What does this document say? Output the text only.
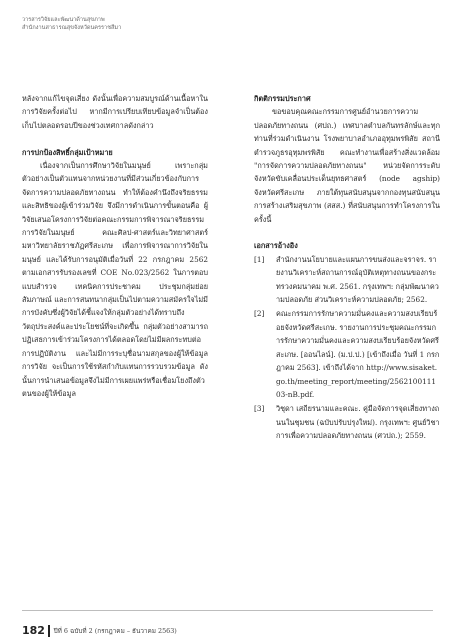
วารสารวิจัยและพัฒนาด้านสุขภาพ
สำนักงานสาธารณสุขจังหวัดนครราชสีมา

หลังจากแก้ไขจุดเสี่ยง ดังนั้นเพื่อความสมบูรณ์ด้านเนื้อหาใน การวิจัยครั้งต่อไป หากมีการเปรียบเทียบข้อมูลจำเป็นต้องเก็บไปตลอดรอบปีของช่วงเทศกาลดังกล่าว

การปกป้องสิทธิ์กลุ่มเป้าหมาย

เนื่องจากเป็นการศึกษาวิจัยในมนุษย์ เพราะกลุ่มตัวอย่างเป็นตัวแทนจากหน่วยงานที่มีส่วนเกี่ยวข้องกับการจัดการความปลอดภัยทางถนน ทำให้ต้องคำนึงถึงจริยธรรมและสิทธิของผู้เข้าร่วมวิจัย จึงมีการดำเนินการขั้นตอนคือ ผู้วิจัยเสนอโครงการวิจัยต่อคณะกรรมการพิจารณาจริยธรรมการวิจัยในมนุษย์ คณะศิลป-ศาสตร์และวิทยาศาสตร์ มหาวิทยาลัยราชภัฏศรีสะเกษ เพื่อการพิจารณาการวิจัยในมนุษย์ และได้รับการอนุมัติเมื่อวันที่ 22 กรกฎาคม 2562 ตามเอกสารรับรองเลขที่ COE No.023/2562 ในการตอบแบบสำรวจ เทคนิคการประชาคม ประชุมกลุ่มย่อย สัมภาษณ์ และการสนทนากลุ่มเป็นไปตามความสมัครใจไม่มีการบังคับซึ่งผู้วิจัยได้ชี้แจงให้กลุ่มตัวอย่างได้ทราบถึงวัตถุประสงค์และประโยชน์ที่จะเกิดขึ้น กลุ่มตัวอย่างสามารถปฏิเสธการเข้าร่วมโครงการได้ตลอดโดยไม่มีผลกระทบต่อการปฏิบัติงาน และไม่มีการระบุชื่อนามสกุลของผู้ให้ข้อมูลการวิจัย จะเป็นการใช้รหัสกำกับแทนการรวบรวมข้อมูล ดังนั้นการนำเสนอข้อมูลจึงไม่มีการเผยแพร่หรือเชื่อมโยงถึงตัวตนของผู้ให้ข้อมูล

กิตติกรรมประกาศ

ขอขอบคุณคณะกรรมการศูนย์อำนวยการความปลอดภัยทางถนน (ศปถ.) เทศบาลตำบลกันทรลักษ์และทุกท่านที่ร่วมดำเนินงาน โรงพยาบาลอำเภออุทุมพรพิสัย สถานีตำรวจภูธรอุทุมพรพิสัย คณะทำงานเพื่อสร้างสิ่งแวดล้อม "การจัดการความปลอดภัยทางถนน" หน่วยจัดการระดับจังหวัดขับเคลื่อนประเด็นยุทธศาสตร์ (node agship) จังหวัดศรีสะเกษ ภายใต้ทุนสนับสนุนจากกองทุนสนับสนุนการสร้างเสริมสุขภาพ (สสส.) ที่สนับสนุนการทำโครงการในครั้งนี้

เอกสารอ้างอิง

[1]	สำนักงานนโยบายและแผนการขนส่งและจราจร. รายงานวิเคราะห์สถานการณ์อุบัติเหตุทางถนนของกระทรวงคมนาคม พ.ศ. 2561. กรุงเทพฯ: กลุ่มพัฒนาความปลอดภัย ส่วนวิเคราะห์ความปลอดภัย; 2562.
[2]	คณะกรรมการรักษาความมั่นคงและความสงบเรียบร้อยจังหวัดศรีสะเกษ. รายงานการประชุมคณะกรรมการรักษาความมั่นคงและความสงบเรียบร้อยจังหวัดศรีสะเกษ. [ออนไลน์]. (ม.ป.ป.) [เข้าถึงเมื่อ วันที่ 1 กรกฎาคม 2563]. เข้าถึงได้จาก http://www.sisaket.go.th/meeting_report/meeting/256210011103-nB.pdf.
[3]	วิชุดา เสถียรนามและคณะ. คู่มือจัดการจุดเสี่ยงทางถนนในชุมชน (ฉบับปรับปรุงใหม่). กรุงเทพฯ: ศูนย์วิชาการเพื่อความปลอดภัยทางถนน (ศวปถ.); 2559.
182 ปีที่ 6 ฉบับที่ 2 (กรกฎาคม – ธันวาคม 2563)
